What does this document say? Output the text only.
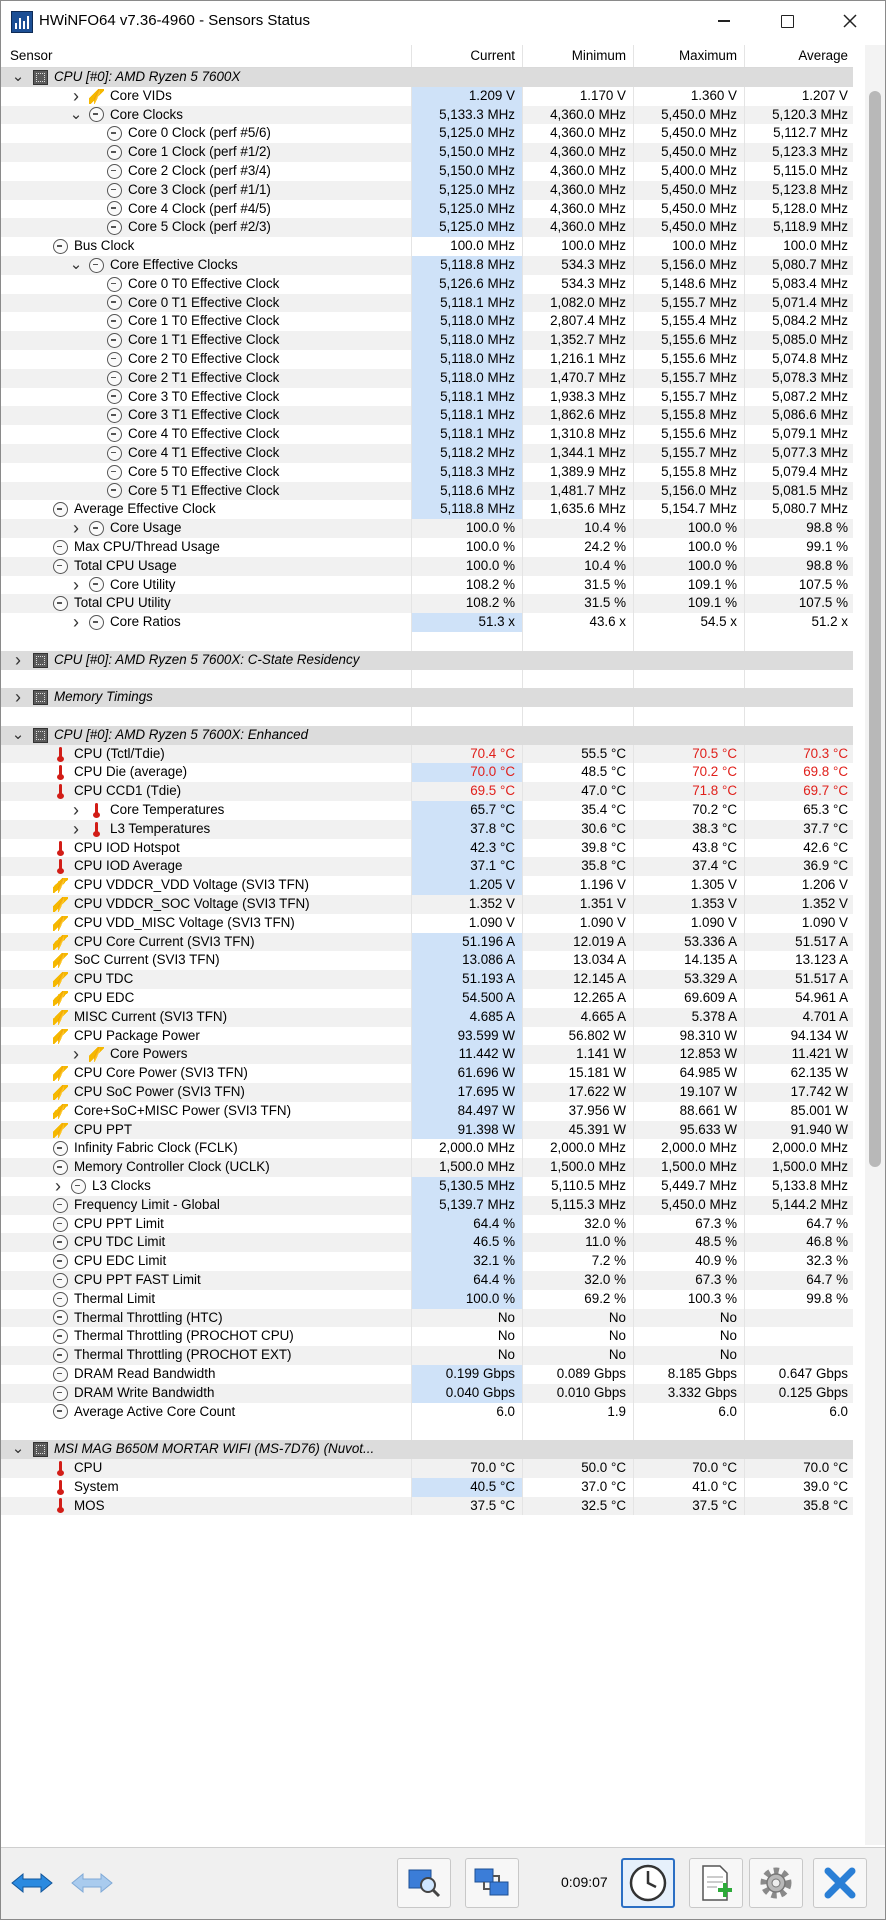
HWiNFO64 v7.36-4960 - Sensors Status
Sensor	Current	Minimum	Maximum	Average
⌄ CPU [#0]: AMD Ryzen 5 7600X
› Core VIDs	1.209 V	1.170 V	1.360 V	1.207 V
⌄ Core Clocks	5,133.3 MHz	4,360.0 MHz	5,450.0 MHz	5,120.3 MHz
Core 0 Clock (perf #5/6)	5,125.0 MHz	4,360.0 MHz	5,450.0 MHz	5,112.7 MHz
Core 1 Clock (perf #1/2)	5,150.0 MHz	4,360.0 MHz	5,450.0 MHz	5,123.3 MHz
Core 2 Clock (perf #3/4)	5,150.0 MHz	4,360.0 MHz	5,400.0 MHz	5,115.0 MHz
Core 3 Clock (perf #1/1)	5,125.0 MHz	4,360.0 MHz	5,450.0 MHz	5,123.8 MHz
Core 4 Clock (perf #4/5)	5,125.0 MHz	4,360.0 MHz	5,450.0 MHz	5,128.0 MHz
Core 5 Clock (perf #2/3)	5,125.0 MHz	4,360.0 MHz	5,450.0 MHz	5,118.9 MHz
Bus Clock	100.0 MHz	100.0 MHz	100.0 MHz	100.0 MHz
⌄ Core Effective Clocks	5,118.8 MHz	534.3 MHz	5,156.0 MHz	5,080.7 MHz
Core 0 T0 Effective Clock	5,126.6 MHz	534.3 MHz	5,148.6 MHz	5,083.4 MHz
Core 0 T1 Effective Clock	5,118.1 MHz	1,082.0 MHz	5,155.7 MHz	5,071.4 MHz
Core 1 T0 Effective Clock	5,118.0 MHz	2,807.4 MHz	5,155.4 MHz	5,084.2 MHz
Core 1 T1 Effective Clock	5,118.0 MHz	1,352.7 MHz	5,155.6 MHz	5,085.0 MHz
Core 2 T0 Effective Clock	5,118.0 MHz	1,216.1 MHz	5,155.6 MHz	5,074.8 MHz
Core 2 T1 Effective Clock	5,118.0 MHz	1,470.7 MHz	5,155.7 MHz	5,078.3 MHz
Core 3 T0 Effective Clock	5,118.1 MHz	1,938.3 MHz	5,155.7 MHz	5,087.2 MHz
Core 3 T1 Effective Clock	5,118.1 MHz	1,862.6 MHz	5,155.8 MHz	5,086.6 MHz
Core 4 T0 Effective Clock	5,118.1 MHz	1,310.8 MHz	5,155.6 MHz	5,079.1 MHz
Core 4 T1 Effective Clock	5,118.2 MHz	1,344.1 MHz	5,155.7 MHz	5,077.3 MHz
Core 5 T0 Effective Clock	5,118.3 MHz	1,389.9 MHz	5,155.8 MHz	5,079.4 MHz
Core 5 T1 Effective Clock	5,118.6 MHz	1,481.7 MHz	5,156.0 MHz	5,081.5 MHz
Average Effective Clock	5,118.8 MHz	1,635.6 MHz	5,154.7 MHz	5,080.7 MHz
› Core Usage	100.0 %	10.4 %	100.0 %	98.8 %
Max CPU/Thread Usage	100.0 %	24.2 %	100.0 %	99.1 %
Total CPU Usage	100.0 %	10.4 %	100.0 %	98.8 %
› Core Utility	108.2 %	31.5 %	109.1 %	107.5 %
Total CPU Utility	108.2 %	31.5 %	109.1 %	107.5 %
› Core Ratios	51.3 x	43.6 x	54.5 x	51.2 x
› CPU [#0]: AMD Ryzen 5 7600X: C-State Residency
› Memory Timings
⌄ CPU [#0]: AMD Ryzen 5 7600X: Enhanced
CPU (Tctl/Tdie)	70.4 °C	55.5 °C	70.5 °C	70.3 °C
CPU Die (average)	70.0 °C	48.5 °C	70.2 °C	69.8 °C
CPU CCD1 (Tdie)	69.5 °C	47.0 °C	71.8 °C	69.7 °C
› Core Temperatures	65.7 °C	35.4 °C	70.2 °C	65.3 °C
› L3 Temperatures	37.8 °C	30.6 °C	38.3 °C	37.7 °C
CPU IOD Hotspot	42.3 °C	39.8 °C	43.8 °C	42.6 °C
CPU IOD Average	37.1 °C	35.8 °C	37.4 °C	36.9 °C
CPU VDDCR_VDD Voltage (SVI3 TFN)	1.205 V	1.196 V	1.305 V	1.206 V
CPU VDDCR_SOC Voltage (SVI3 TFN)	1.352 V	1.351 V	1.353 V	1.352 V
CPU VDD_MISC Voltage (SVI3 TFN)	1.090 V	1.090 V	1.090 V	1.090 V
CPU Core Current (SVI3 TFN)	51.196 A	12.019 A	53.336 A	51.517 A
SoC Current (SVI3 TFN)	13.086 A	13.034 A	14.135 A	13.123 A
CPU TDC	51.193 A	12.145 A	53.329 A	51.517 A
CPU EDC	54.500 A	12.265 A	69.609 A	54.961 A
MISC Current (SVI3 TFN)	4.685 A	4.665 A	5.378 A	4.701 A
CPU Package Power	93.599 W	56.802 W	98.310 W	94.134 W
› Core Powers	11.442 W	1.141 W	12.853 W	11.421 W
CPU Core Power (SVI3 TFN)	61.696 W	15.181 W	64.985 W	62.135 W
CPU SoC Power (SVI3 TFN)	17.695 W	17.622 W	19.107 W	17.742 W
Core+SoC+MISC Power (SVI3 TFN)	84.497 W	37.956 W	88.661 W	85.001 W
CPU PPT	91.398 W	45.391 W	95.633 W	91.940 W
Infinity Fabric Clock (FCLK)	2,000.0 MHz	2,000.0 MHz	2,000.0 MHz	2,000.0 MHz
Memory Controller Clock (UCLK)	1,500.0 MHz	1,500.0 MHz	1,500.0 MHz	1,500.0 MHz
› L3 Clocks	5,130.5 MHz	5,110.5 MHz	5,449.7 MHz	5,133.8 MHz
Frequency Limit - Global	5,139.7 MHz	5,115.3 MHz	5,450.0 MHz	5,144.2 MHz
CPU PPT Limit	64.4 %	32.0 %	67.3 %	64.7 %
CPU TDC Limit	46.5 %	11.0 %	48.5 %	46.8 %
CPU EDC Limit	32.1 %	7.2 %	40.9 %	32.3 %
CPU PPT FAST Limit	64.4 %	32.0 %	67.3 %	64.7 %
Thermal Limit	100.0 %	69.2 %	100.3 %	99.8 %
Thermal Throttling (HTC)	No	No	No
Thermal Throttling (PROCHOT CPU)	No	No	No
Thermal Throttling (PROCHOT EXT)	No	No	No
DRAM Read Bandwidth	0.199 Gbps	0.089 Gbps	8.185 Gbps	0.647 Gbps
DRAM Write Bandwidth	0.040 Gbps	0.010 Gbps	3.332 Gbps	0.125 Gbps
Average Active Core Count	6.0	1.9	6.0	6.0
⌄ MSI MAG B650M MORTAR WIFI (MS-7D76) (Nuvot...
CPU	70.0 °C	50.0 °C	70.0 °C	70.0 °C
System	40.5 °C	37.0 °C	41.0 °C	39.0 °C
MOS	37.5 °C	32.5 °C	37.5 °C	35.8 °C
0:09:07
